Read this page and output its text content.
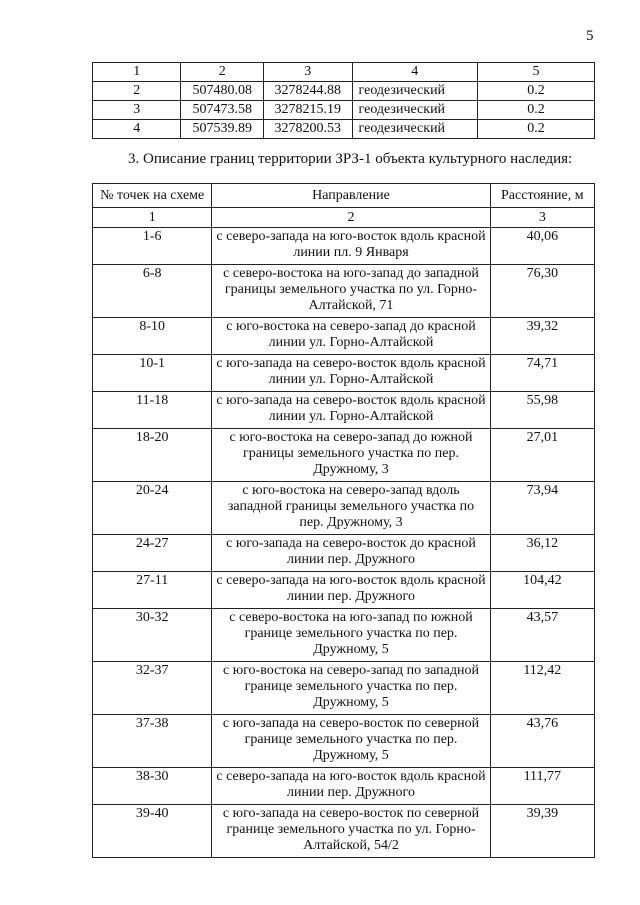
5
1	2	3	4	5
2	507480.08	3278244.88	геодезический	0.2
3	507473.58	3278215.19	геодезический	0.2
4	507539.89	3278200.53	геодезический	0.2
3. Описание границ территории ЗРЗ-1 объекта культурного наследия:
№ точек на схеме	Направление	Расстояние, м
1	2	3
1-6	с северо-запада на юго-восток вдоль красной линии пл. 9 Января	40,06
6-8	с северо-востока на юго-запад до западной границы земельного участка по ул. Горно-Алтайской, 71	76,30
8-10	с юго-востока на северо-запад до красной линии ул. Горно-Алтайской	39,32
10-1	с юго-запада на северо-восток вдоль красной линии ул. Горно-Алтайской	74,71
11-18	с юго-запада на северо-восток вдоль красной линии ул. Горно-Алтайской	55,98
18-20	с юго-востока на северо-запад до южной границы земельного участка по пер. Дружному, 3	27,01
20-24	с юго-востока на северо-запад вдоль западной границы земельного участка по пер. Дружному, 3	73,94
24-27	с юго-запада на северо-восток до красной линии пер. Дружного	36,12
27-11	с северо-запада на юго-восток вдоль красной линии пер. Дружного	104,42
30-32	с северо-востока на юго-запад по южной границе земельного участка по пер. Дружному, 5	43,57
32-37	с юго-востока на северо-запад по западной границе земельного участка по пер. Дружному, 5	112,42
37-38	с юго-запада на северо-восток по северной границе земельного участка по пер. Дружному, 5	43,76
38-30	с северо-запада на юго-восток вдоль красной линии пер. Дружного	111,77
39-40	с юго-запада на северо-восток по северной границе земельного участка по ул. Горно-Алтайской, 54/2	39,39
